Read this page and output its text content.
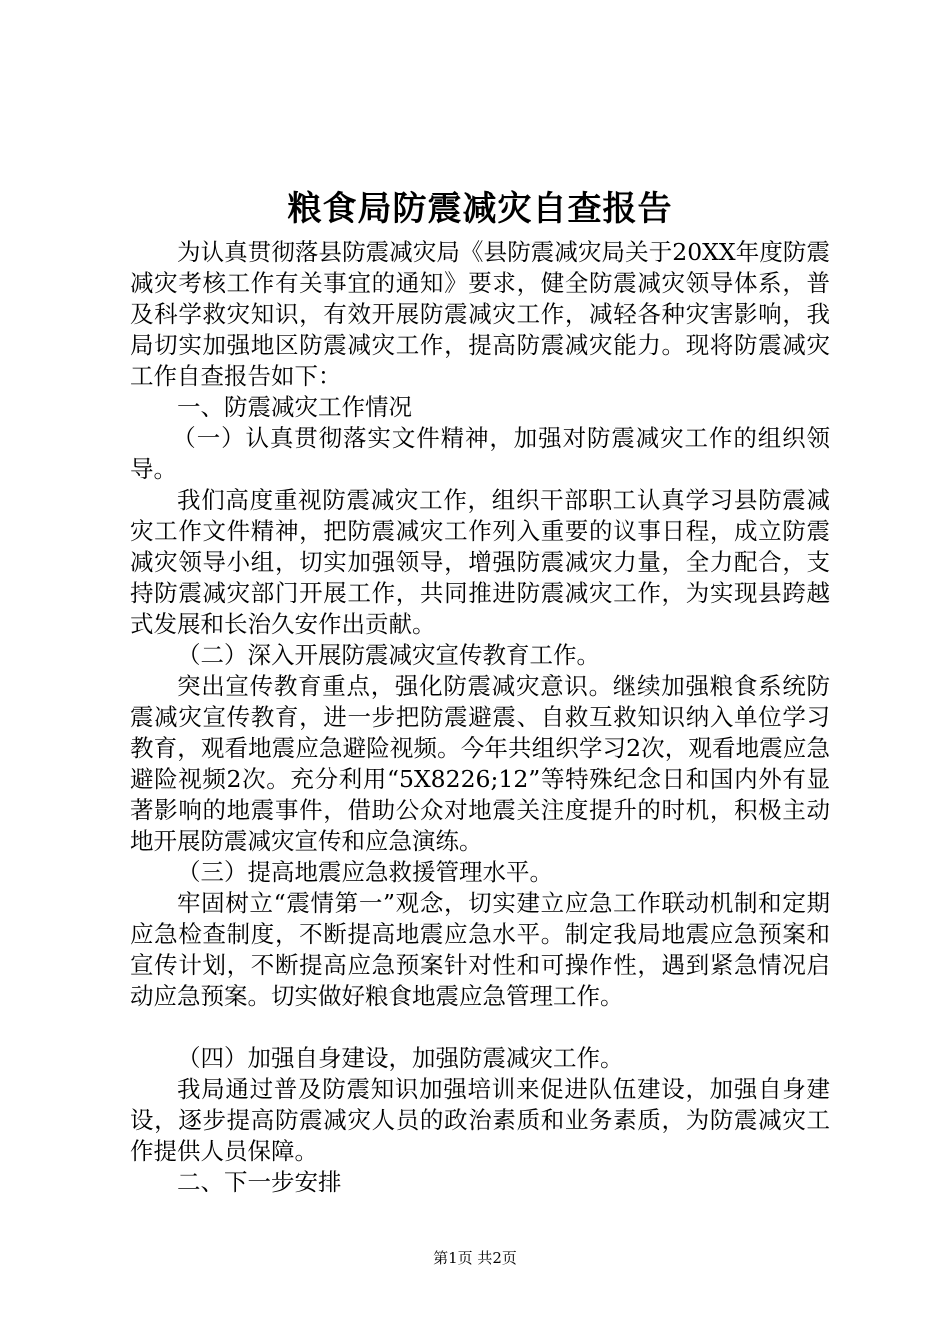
粮食局防震减灾自查报告

为认真贯彻落县防震减灾局《县防震减灾局关于20XX年度防震减灾考核工作有关事宜的通知》要求，健全防震减灾领导体系，普及科学救灾知识，有效开展防震减灾工作，减轻各种灾害影响，我局切实加强地区防震减灾工作，提高防震减灾能力。现将防震减灾工作自查报告如下：

一、防震减灾工作情况

（一）认真贯彻落实文件精神，加强对防震减灾工作的组织领导。

我们高度重视防震减灾工作，组织干部职工认真学习县防震减灾工作文件精神，把防震减灾工作列入重要的议事日程，成立防震减灾领导小组，切实加强领导，增强防震减灾力量，全力配合，支持防震减灾部门开展工作，共同推进防震减灾工作，为实现县跨越式发展和长治久安作出贡献。

（二）深入开展防震减灾宣传教育工作。

突出宣传教育重点，强化防震减灾意识。继续加强粮食系统防震减灾宣传教育，进一步把防震避震、自救互救知识纳入单位学习教育，观看地震应急避险视频。今年共组织学习2次，观看地震应急避险视频2次。充分利用“5X8226;12”等特殊纪念日和国内外有显著影响的地震事件，借助公众对地震关注度提升的时机，积极主动地开展防震减灾宣传和应急演练。

（三）提高地震应急救援管理水平。

牢固树立“震情第一”观念，切实建立应急工作联动机制和定期应急检查制度，不断提高地震应急水平。制定我局地震应急预案和宣传计划，不断提高应急预案针对性和可操作性，遇到紧急情况启动应急预案。切实做好粮食地震应急管理工作。

（四）加强自身建设，加强防震减灾工作。

我局通过普及防震知识加强培训来促进队伍建设，加强自身建设，逐步提高防震减灾人员的政治素质和业务素质，为防震减灾工作提供人员保障。

二、下一步安排

第1页 共2页
